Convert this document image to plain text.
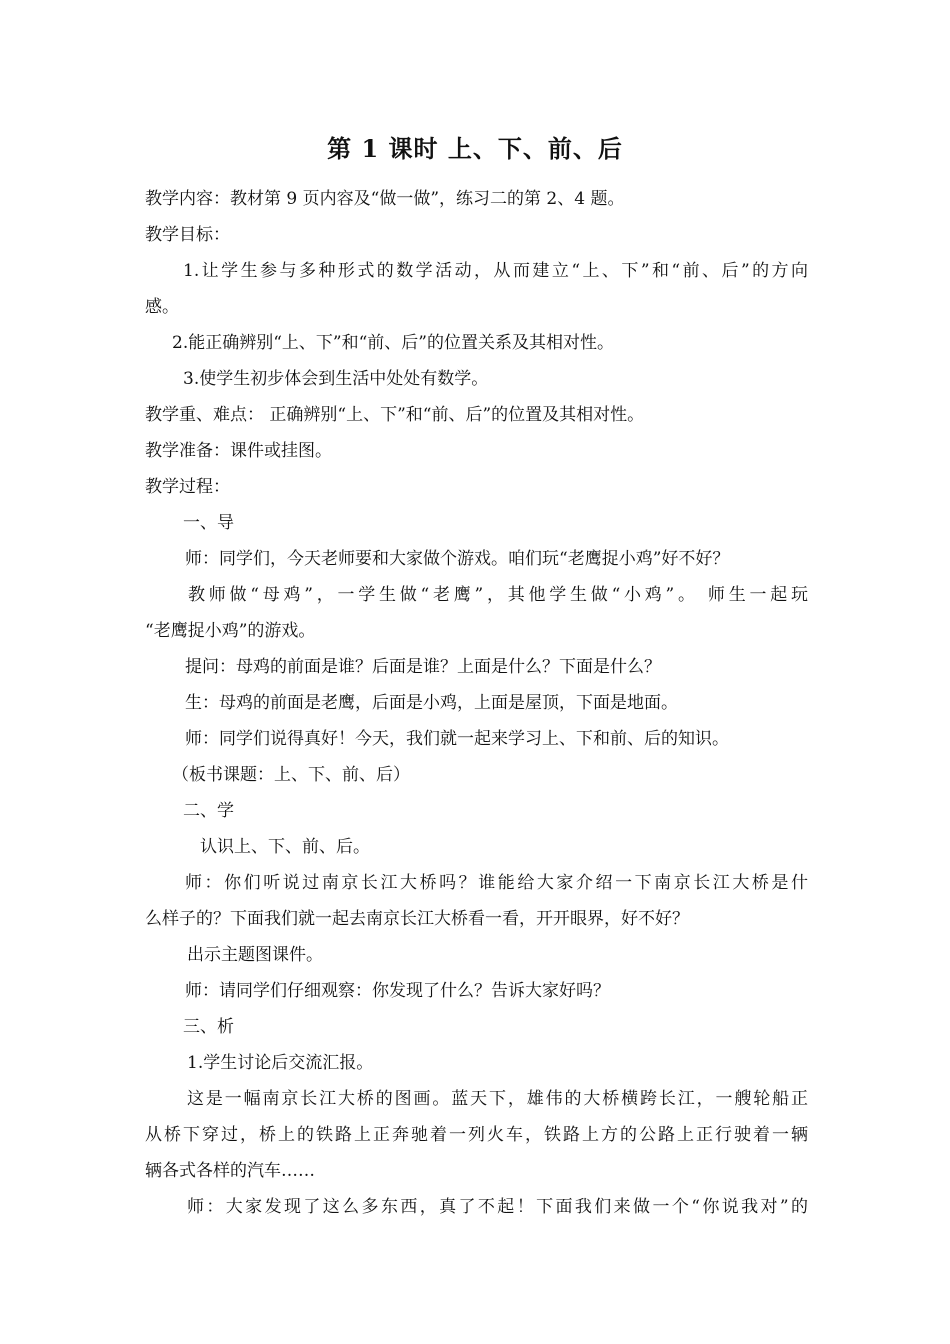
第 1 课时 上、下、前、后
教学内容：教材第 9 页内容及“做一做”，练习二的第 2、4 题。
教学目标：
1.让学生参与多种形式的数学活动，从而建立“上、下”和“前、后”的方向
感。
2.能正确辨别“上、下”和“前、后”的位置关系及其相对性。
3.使学生初步体会到生活中处处有数学。
教学重、难点： 正确辨别“上、下”和“前、后”的位置及其相对性。
教学准备：课件或挂图。
教学过程：
一、导
师：同学们，今天老师要和大家做个游戏。咱们玩“老鹰捉小鸡”好不好？
教师做“母鸡”，一学生做“老鹰”，其他学生做“小鸡”。 师生一起玩
“老鹰捉小鸡”的游戏。
提问：母鸡的前面是谁？后面是谁？上面是什么？下面是什么？
生：母鸡的前面是老鹰，后面是小鸡，上面是屋顶，下面是地面。
师：同学们说得真好！今天，我们就一起来学习上、下和前、后的知识。
（板书课题：上、下、前、后）
二、学
认识上、下、前、后。
师：你们听说过南京长江大桥吗？谁能给大家介绍一下南京长江大桥是什
么样子的？下面我们就一起去南京长江大桥看一看，开开眼界，好不好？
出示主题图课件。
师：请同学们仔细观察：你发现了什么？告诉大家好吗？
三、析
1.学生讨论后交流汇报。
这是一幅南京长江大桥的图画。蓝天下，雄伟的大桥横跨长江，一艘轮船正
从桥下穿过，桥上的铁路上正奔驰着一列火车，铁路上方的公路上正行驶着一辆
辆各式各样的汽车……
师：大家发现了这么多东西，真了不起！下面我们来做一个“你说我对”的
